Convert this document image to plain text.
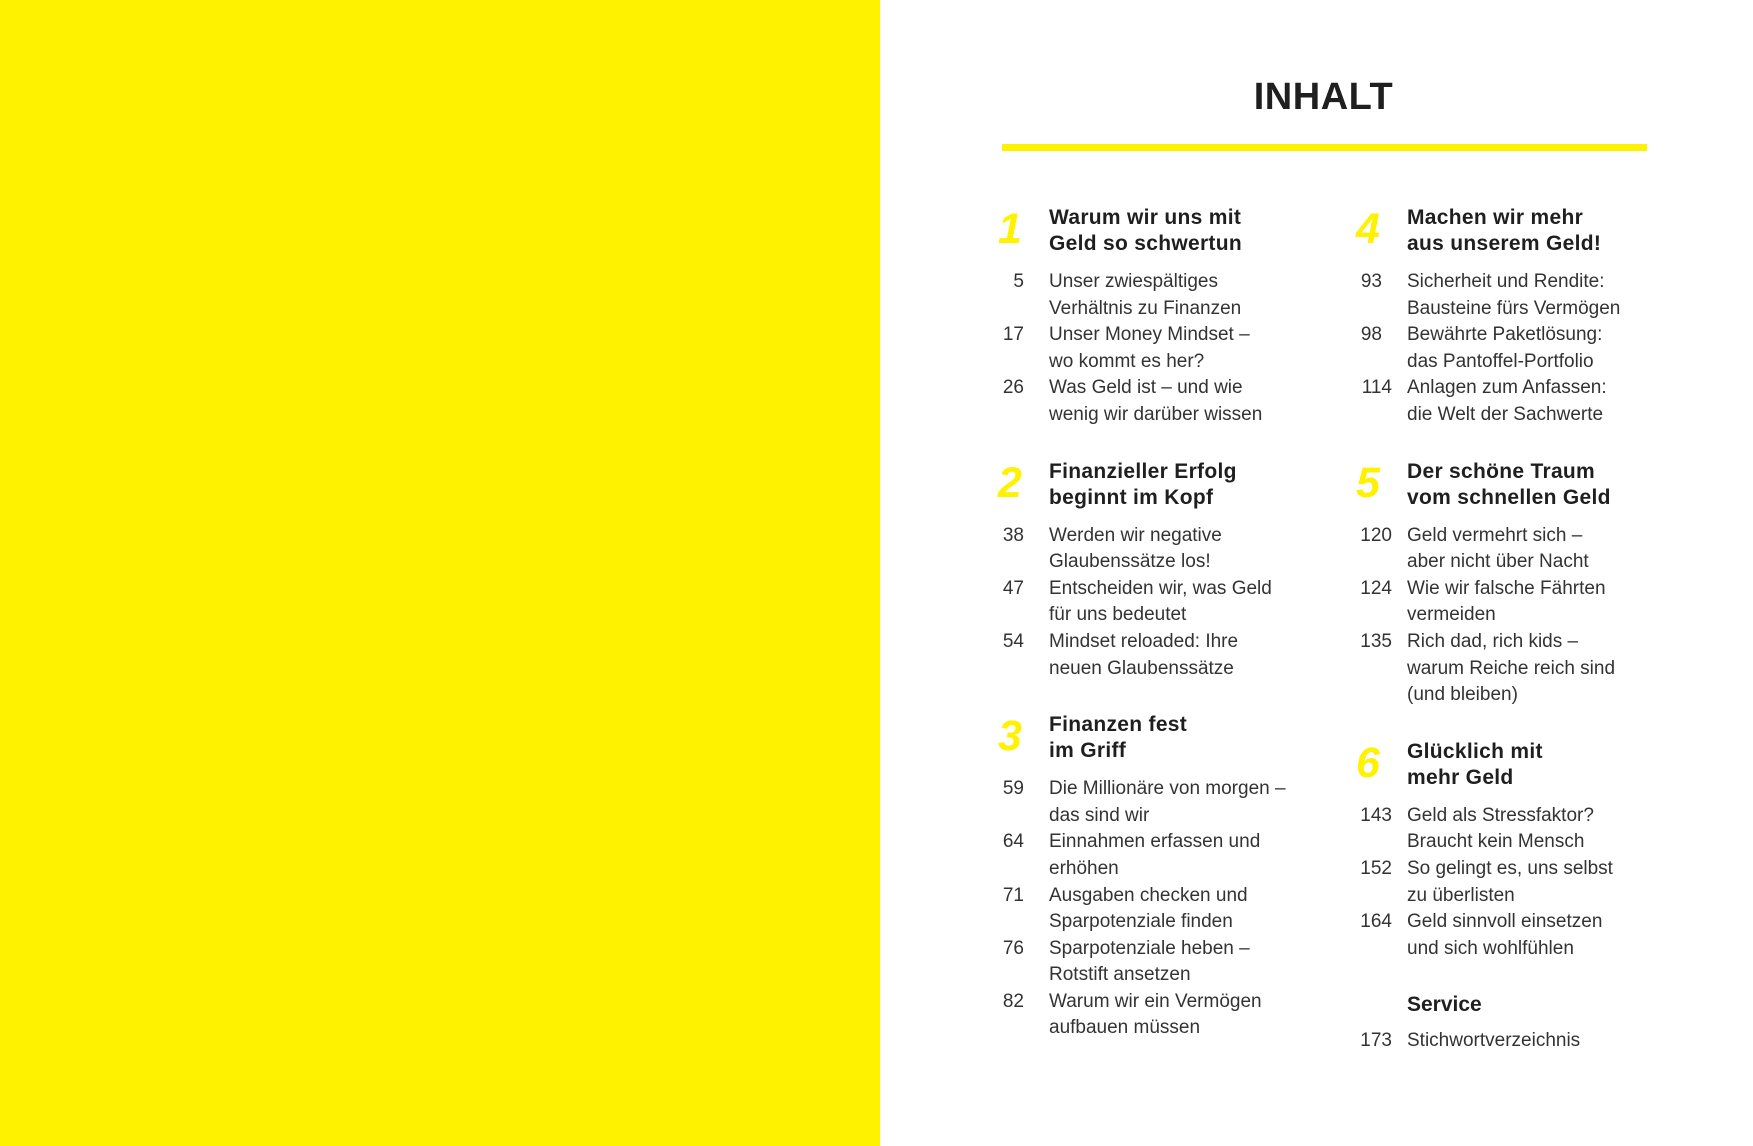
INHALT
1	Warum wir uns mit
Geld so schwertun
5 Unser zwiespältiges
Verhältnis zu Finanzen
17 Unser Money Mindset –
wo kommt es her?
26 Was Geld ist – und wie
wenig wir darüber wissen
2	Finanzieller Erfolg
beginnt im Kopf
38 Werden wir negative
Glaubenssätze los!
47 Entscheiden wir, was Geld
für uns bedeutet
54 Mindset reloaded: Ihre
neuen Glaubenssätze
3	Finanzen fest
im Griff
59 Die Millionäre von morgen –
das sind wir
64 Einnahmen erfassen und
erhöhen
71 Ausgaben checken und
Sparpotenziale finden
76 Sparpotenziale heben –
Rotstift ansetzen
82 Warum wir ein Vermögen
aufbauen müssen
4	Machen wir mehr
aus unserem Geld!
93 Sicherheit und Rendite:
Bausteine fürs Vermögen
98 Bewährte Paketlösung:
das Pantoffel-Portfolio
114 Anlagen zum Anfassen:
die Welt der Sachwerte
5	Der schöne Traum
vom schnellen Geld
120 Geld vermehrt sich –
aber nicht über Nacht
124 Wie wir falsche Fährten
vermeiden
135 Rich dad, rich kids –
warum Reiche reich sind
(und bleiben)
6	Glücklich mit
mehr Geld
143 Geld als Stressfaktor?
Braucht kein Mensch
152 So gelingt es, uns selbst
zu überlisten
164 Geld sinnvoll einsetzen
und sich wohlfühlen
Service
173 Stichwortverzeichnis
